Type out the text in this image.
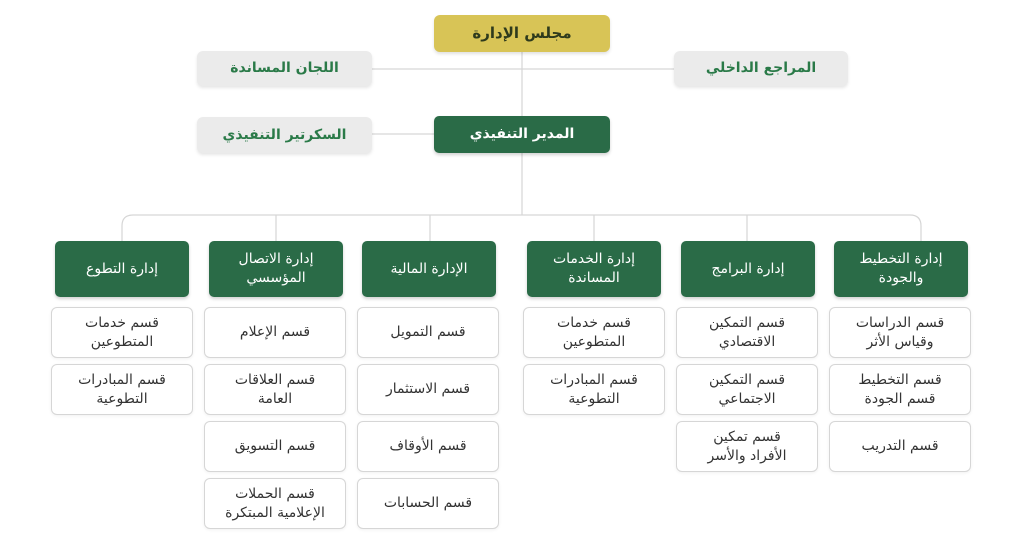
مجلس الإدارة
المراجع الداخلي
اللجان المساندة
المدير التنفيذي
السكرتير التنفيذي
إدارة التخطيط
والجودة
إدارة البرامج
إدارة الخدمات
المساندة
الإدارة المالية
إدارة الاتصال
المؤسسي
إدارة التطوع
قسم الدراسات
وقياس الأثر
قسم التخطيط
قسم الجودة
قسم التدريب
قسم التمكين
الاقتصادي
قسم التمكين
الاجتماعي
قسم تمكين
الأفراد والأسر
قسم خدمات
المتطوعين
قسم المبادرات
التطوعية
قسم التمويل
قسم الاستثمار
قسم الأوقاف
قسم الحسابات
قسم الإعلام
قسم العلاقات
العامة
قسم التسويق
قسم الحملات
الإعلامية المبتكرة
قسم خدمات
المتطوعين
قسم المبادرات
التطوعية
